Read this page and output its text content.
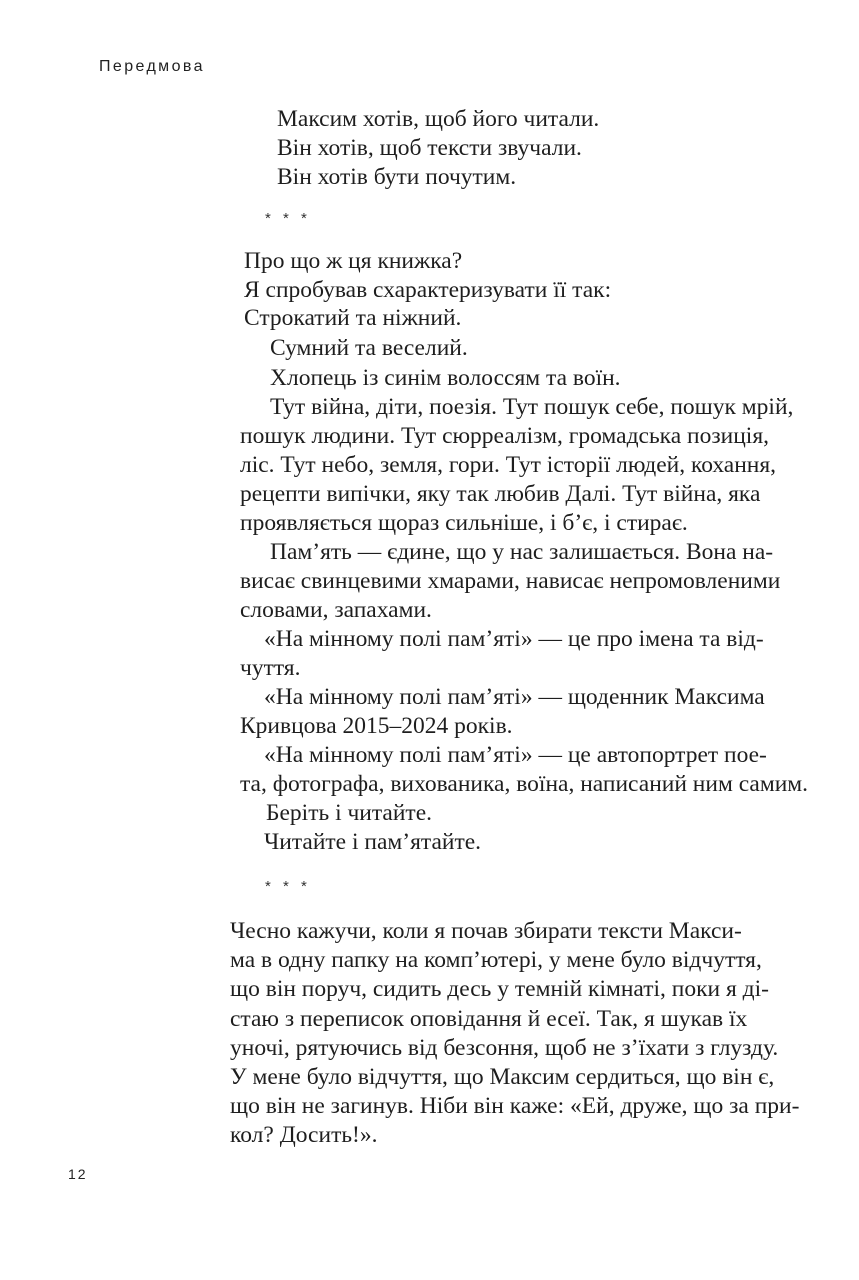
Передмова
Максим хотів, щоб його читали.
Він хотів, щоб тексти звучали.
Він хотів бути почутим.
* * *
Про що ж ця книжка?
Я спробував схарактеризувати її так:
Строкатий та ніжний.
Сумний та веселий.
Хлопець із синім волоссям та воїн.
Тут війна, діти, поезія. Тут пошук себе, пошук мрій,
пошук людини. Тут сюрреалізм, громадська позиція,
ліс. Тут небо, земля, гори. Тут історії людей, кохання,
рецепти випічки, яку так любив Далі. Тут війна, яка
проявляється щораз сильніше, і б’є, і стирає.
Пам’ять — єдине, що у нас залишається. Вона на-
висає свинцевими хмарами, нависає непромовленими
словами, запахами.
«На мінному полі пам’яті» — це про імена та від-
чуття.
«На мінному полі пам’яті» — щоденник Максима
Кривцова 2015–2024 років.
«На мінному полі пам’яті» — це автопортрет пое-
та, фотографа, вихованика, воїна, написаний ним самим.
Беріть і читайте.
Читайте і пам’ятайте.
* * *
Чесно кажучи, коли я почав збирати тексти Макси-
ма в одну папку на комп’ютері, у мене було відчуття,
що він поруч, сидить десь у темній кімнаті, поки я ді-
стаю з переписок оповідання й есеї. Так, я шукав їх
уночі, рятуючись від безсоння, щоб не з’їхати з глузду.
У мене було відчуття, що Максим сердиться, що він є,
що він не загинув. Ніби він каже: «Ей, друже, що за при-
кол? Досить!».
12
